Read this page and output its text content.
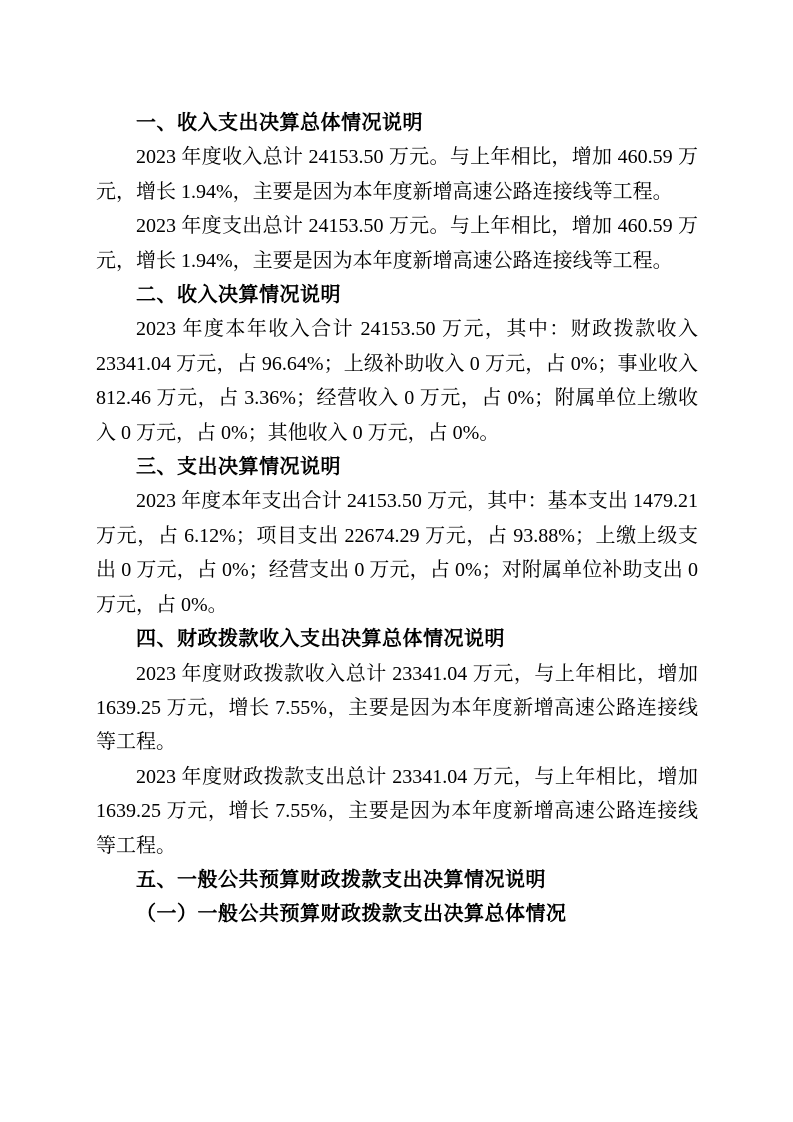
一、收入支出决算总体情况说明

2023 年度收入总计 24153.50 万元。与上年相比，增加 460.59 万元，增长 1.94%，主要是因为本年度新增高速公路连接线等工程。

2023 年度支出总计 24153.50 万元。与上年相比，增加 460.59 万元，增长 1.94%，主要是因为本年度新增高速公路连接线等工程。

二、收入决算情况说明

2023 年度本年收入合计 24153.50 万元，其中：财政拨款收入 23341.04 万元，占 96.64%；上级补助收入 0 万元，占 0%；事业收入 812.46 万元，占 3.36%；经营收入 0 万元，占 0%；附属单位上缴收入 0 万元，占 0%；其他收入 0 万元，占 0%。

三、支出决算情况说明

2023 年度本年支出合计 24153.50 万元，其中：基本支出 1479.21 万元，占 6.12%；项目支出 22674.29 万元，占 93.88%；上缴上级支出 0 万元，占 0%；经营支出 0 万元，占 0%；对附属单位补助支出 0 万元，占 0%。

四、财政拨款收入支出决算总体情况说明

2023 年度财政拨款收入总计 23341.04 万元，与上年相比，增加 1639.25 万元，增长 7.55%，主要是因为本年度新增高速公路连接线等工程。

2023 年度财政拨款支出总计 23341.04 万元，与上年相比，增加 1639.25 万元，增长 7.55%，主要是因为本年度新增高速公路连接线等工程。

五、一般公共预算财政拨款支出决算情况说明
（一）一般公共预算财政拨款支出决算总体情况
